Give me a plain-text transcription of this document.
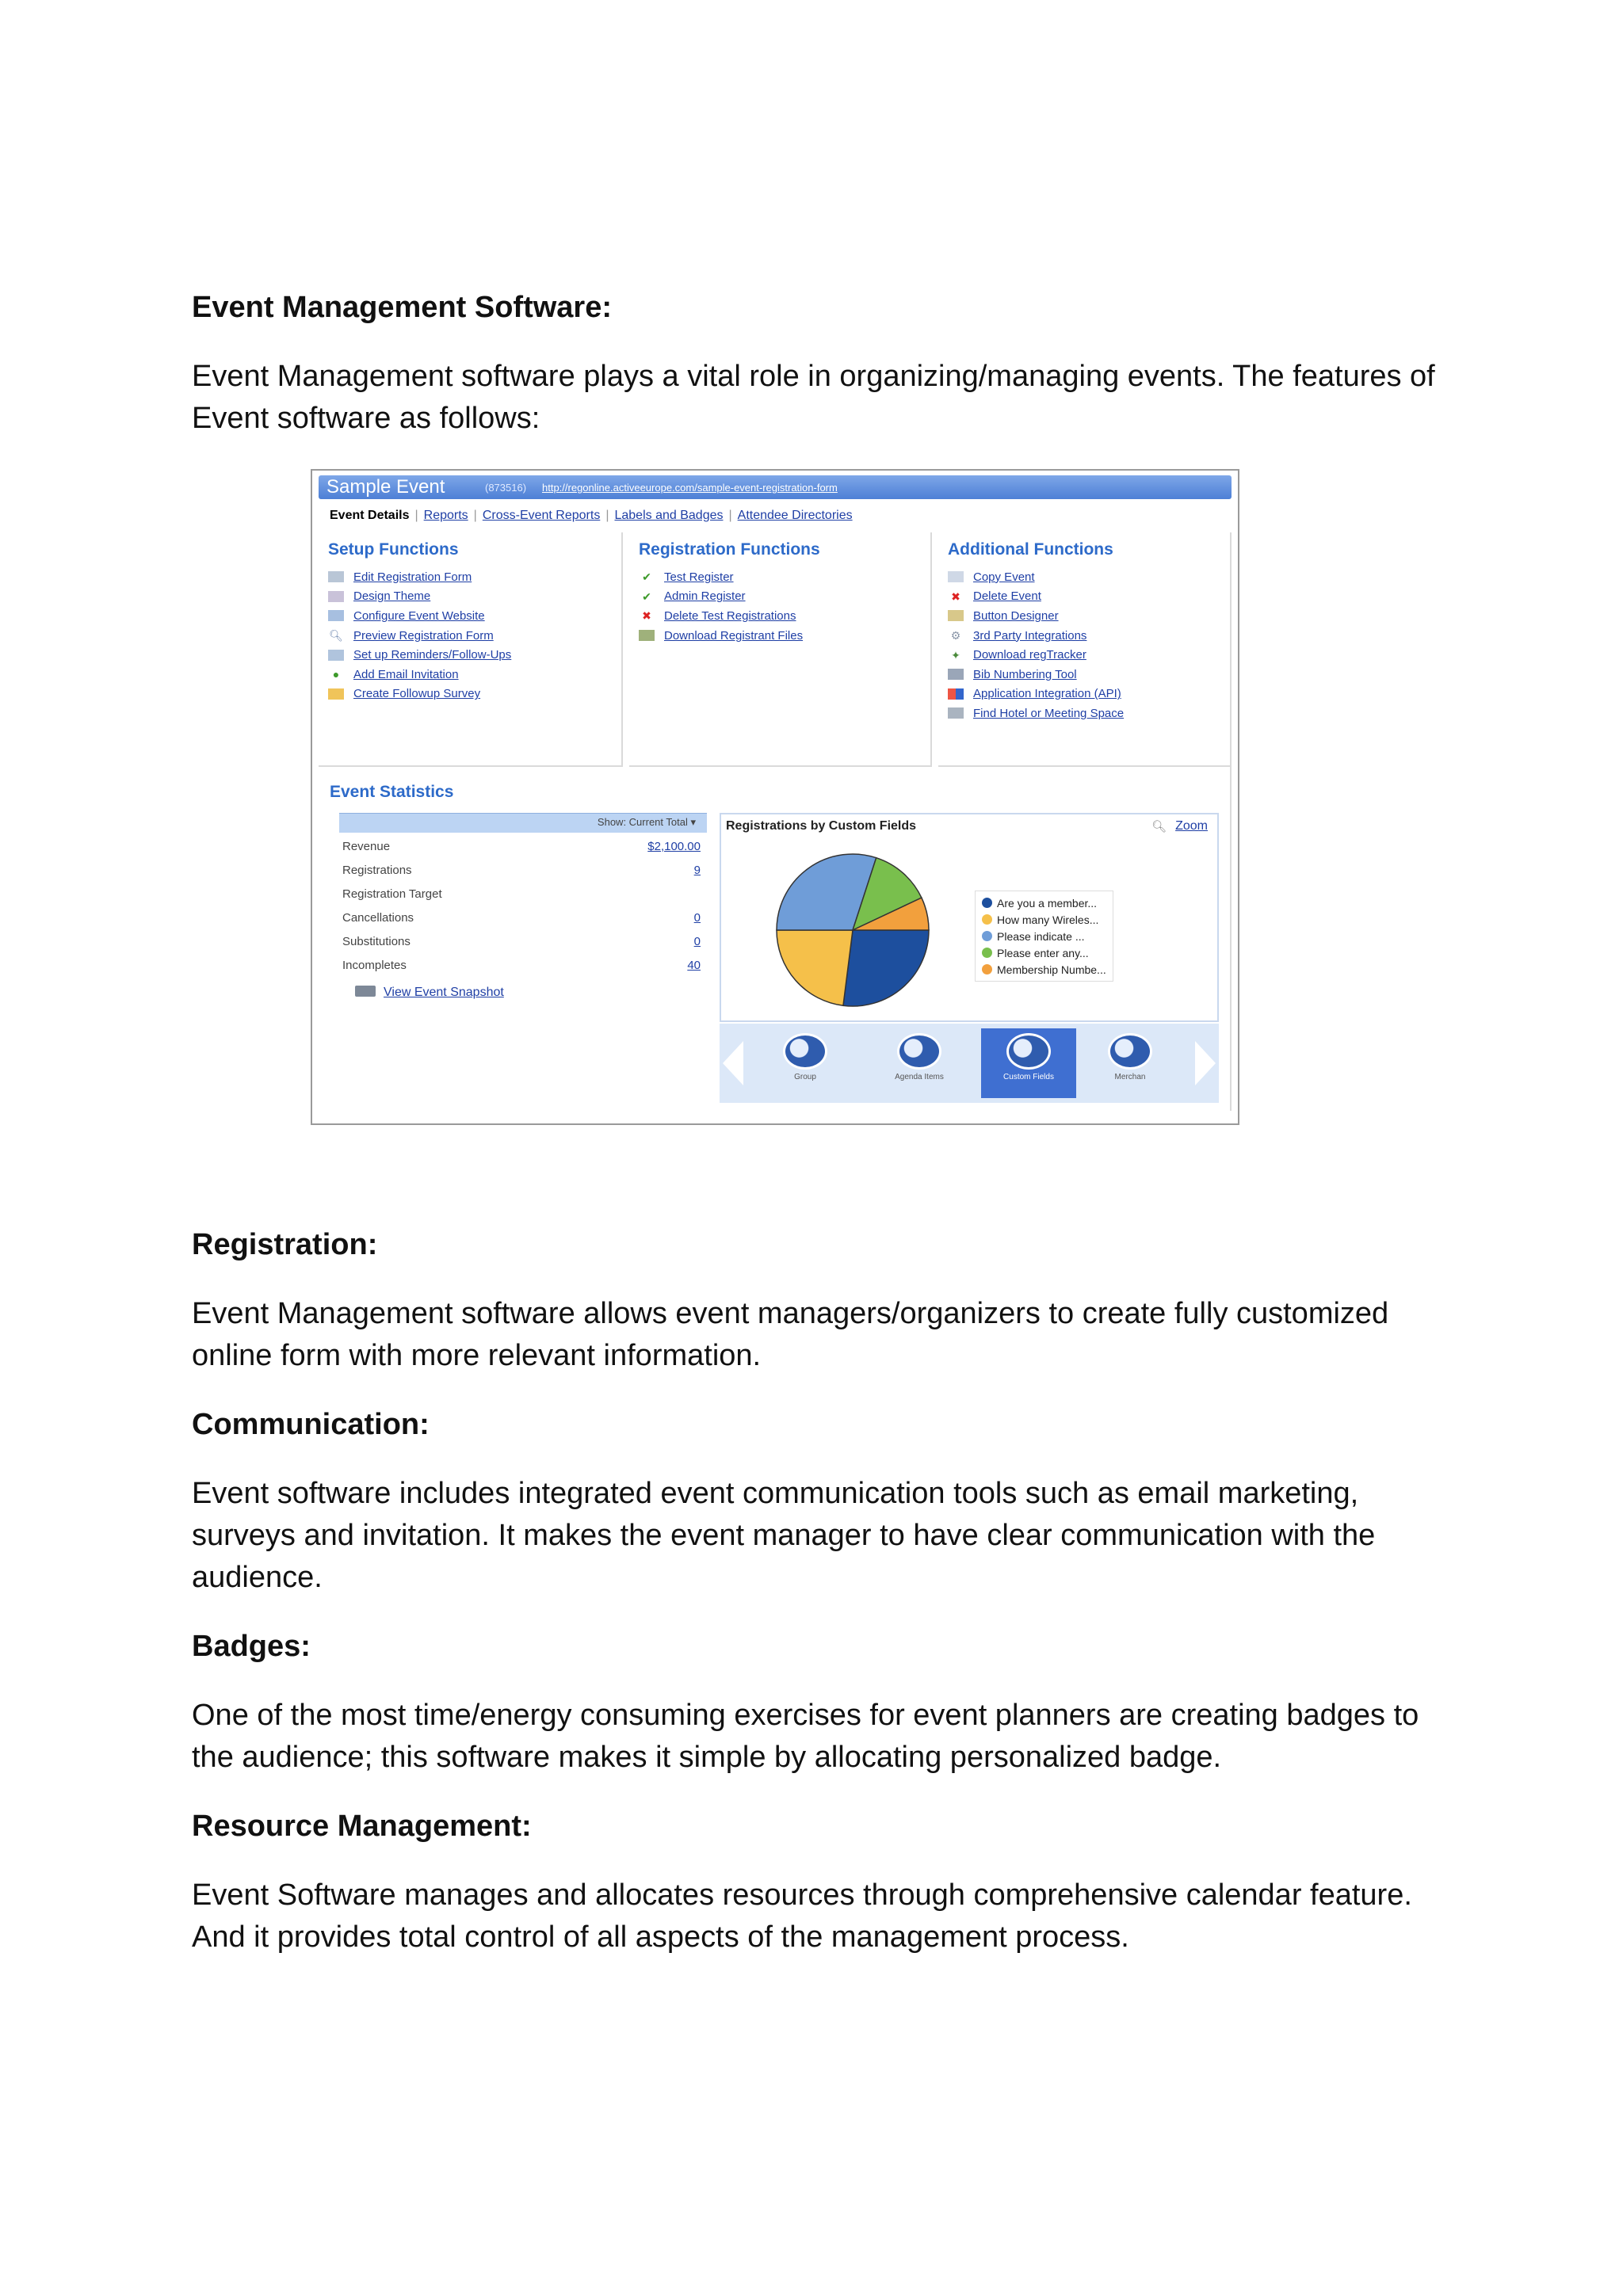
Event Management Software:

Event Management software plays a vital role in organizing/managing events. The features of Event software as follows:

Sample Event	(873516) http://regonline.activeeurope.com/sample-event-registration-form
Event Details | Reports | Cross-Event Reports | Labels and Badges | Attendee Directories
Setup Functions
Edit Registration Form
Design Theme
Configure Event Website
🔍︎ Preview Registration Form
Set up Reminders/Follow-Ups
●	Add Email Invitation
Create Followup Survey
Registration Functions
✔ Test Register
✔ Admin Register
✖ Delete Test Registrations
Download Registrant Files
Additional Functions
Copy Event
✖ Delete Event
Button Designer
⚙ 3rd Party Integrations
✦ Download regTracker
Bib Numbering Tool
Application Integration (API)
Find Hotel or Meeting Space
Event Statistics
Show: Current Total ▾
Revenue	$2,100.00
Registrations	9
Registration Target
Cancellations	0
Substitutions	0
Incompletes	40
View Event Snapshot
Registrations by Custom Fields	🔍︎ Zoom
Are you a member...
How many Wireles...
Please indicate ...
Please enter any...
Membership Numbe...
Group	Agenda Items	Custom Fields	Merchan
Registration:

Event Management software allows event managers/organizers to create fully customized online form with more relevant information.

Communication:

Event software includes integrated event communication tools such as email marketing, surveys and invitation. It makes the event manager to have clear communication with the audience.

Badges:

One of the most time/energy consuming exercises for event planners are creating badges to the audience; this software makes it simple by allocating personalized badge.

Resource Management:

Event Software manages and allocates resources through comprehensive calendar feature. And it provides total control of all aspects of the management process.
